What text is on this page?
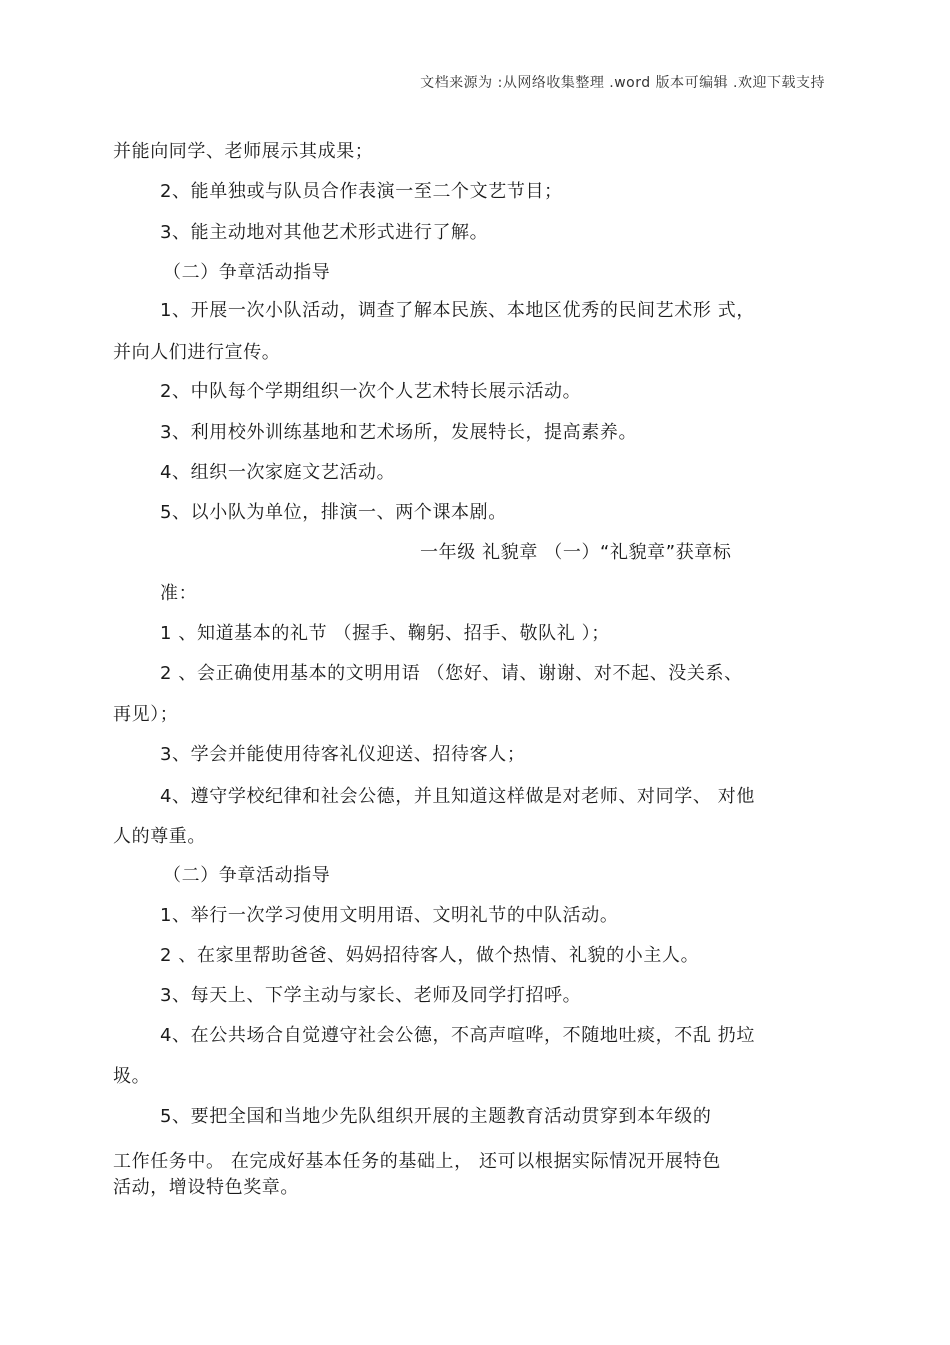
文档来源为 :从网络收集整理 .word 版本可编辑 .欢迎下载支持
并能向同学、老师展示其成果；
2、能单独或与队员合作表演一至二个文艺节目；
3、能主动地对其他艺术形式进行了解。
（二）争章活动指导
1、开展一次小队活动，调查了解本民族、本地区优秀的民间艺术形 式，
并向人们进行宣传。
2、中队每个学期组织一次个人艺术特长展示活动。
3、利用校外训练基地和艺术场所，发展特长，提高素养。
4、组织一次家庭文艺活动。
5、以小队为单位，排演一、两个课本剧。
一年级 礼貌章 （一）“礼貌章”获章标
准：
1 、知道基本的礼节 （握手、鞠躬、招手、敬队礼 ）；
2 、会正确使用基本的文明用语 （您好、请、谢谢、对不起、没关系、
再见）；
3、学会并能使用待客礼仪迎送、招待客人；
4、遵守学校纪律和社会公德，并且知道这样做是对老师、对同学、 对他
人的尊重。
（二）争章活动指导
1、举行一次学习使用文明用语、文明礼节的中队活动。
2 、在家里帮助爸爸、妈妈招待客人，做个热情、礼貌的小主人。
3、每天上、下学主动与家长、老师及同学打招呼。
4、在公共场合自觉遵守社会公德，不高声喧哗，不随地吐痰，不乱 扔垃
圾。
5、要把全国和当地少先队组织开展的主题教育活动贯穿到本年级的
工作任务中。 在完成好基本任务的基础上， 还可以根据实际情况开展特色
活动，增设特色奖章。
